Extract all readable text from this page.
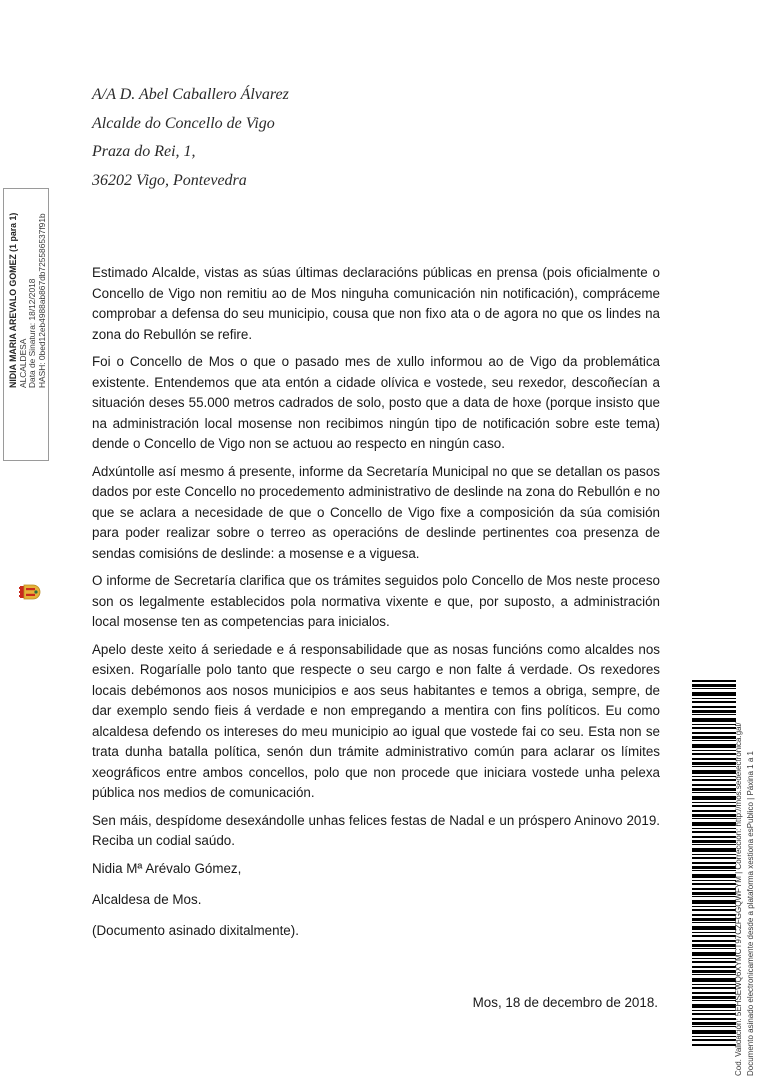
A/A D. Abel Caballero Álvarez

Alcalde do Concello de Vigo

Praza do Rei, 1,

36202 Vigo, Pontevedra

Estimado Alcalde, vistas as súas últimas declaracións públicas en prensa (pois oficialmente o Concello de Vigo non remitiu ao de Mos ninguha comunicación nin notificación), compráceme comprobar a defensa do seu municipio, cousa que non fixo ata o de agora no que os lindes na zona do Rebullón se refire.

Foi o Concello de Mos o que o pasado mes de xullo informou ao de Vigo da problemática existente. Entendemos que ata entón a cidade olívica e vostede, seu rexedor, descoñecían a situación deses 55.000 metros cadrados de solo, posto que a data de hoxe (porque insisto que na administración local mosense non recibimos ningún tipo de notificación sobre este tema) dende o Concello de Vigo non se actuou ao respecto en ningún caso.

Adxúntolle así mesmo á presente, informe da Secretaría Municipal no que se detallan os pasos dados por este Concello no procedemento administrativo de deslinde na zona do Rebullón e no que se aclara a necesidade de que o Concello de Vigo fixe a composición da súa comisión para poder realizar sobre o terreo as operacións de deslinde pertinentes coa presenza de sendas comisións de deslinde: a mosense e a viguesa.

O informe de Secretaría clarifica que os trámites seguidos polo Concello de Mos neste proceso son os legalmente establecidos pola normativa vixente e que, por suposto, a administración local mosense ten as competencias para inicialos.

Apelo deste xeito á seriedade e á responsabilidade que as nosas funcións como alcaldes nos esixen. Rogaríalle polo tanto que respecte o seu cargo e non falte á verdade. Os rexedores locais debémonos aos nosos municipios e aos seus habitantes e temos a obriga, sempre, de dar exemplo sendo fieis á verdade e non empregando a mentira con fins políticos. Eu como alcaldesa defendo os intereses do meu municipio ao igual que vostede fai co seu. Esta non se trata dunha batalla política, senón dun trámite administrativo común para aclarar os límites xeográficos entre ambos concellos, polo que non procede que iniciara vostede unha pelexa pública nos medios de comunicación.

Sen máis, despídome desexándolle unhas felices festas de Nadal e un próspero Aninovo 2019. Reciba un codial saúdo.

Nidia Mª Arévalo Gómez,

Alcaldesa de Mos.

(Documento asinado dixitalmente).

Mos, 18 de decembro de 2018.
NIDIA MARIA AREVALO GOMEZ (1 para 1) ALCALDESA Data de Sinatura: 18/12/2018 HASH: 0bed12eb4988ab867db725586537f91b
Cod. Validación: 5EHSEWQ6XYMCT97CZFGGQWFYM | Corrección: http://mos.sedelectronica.gal/ Documento asinado electronicamente desde a plataforma xestiona esPublico | Páxina 1 a 1
